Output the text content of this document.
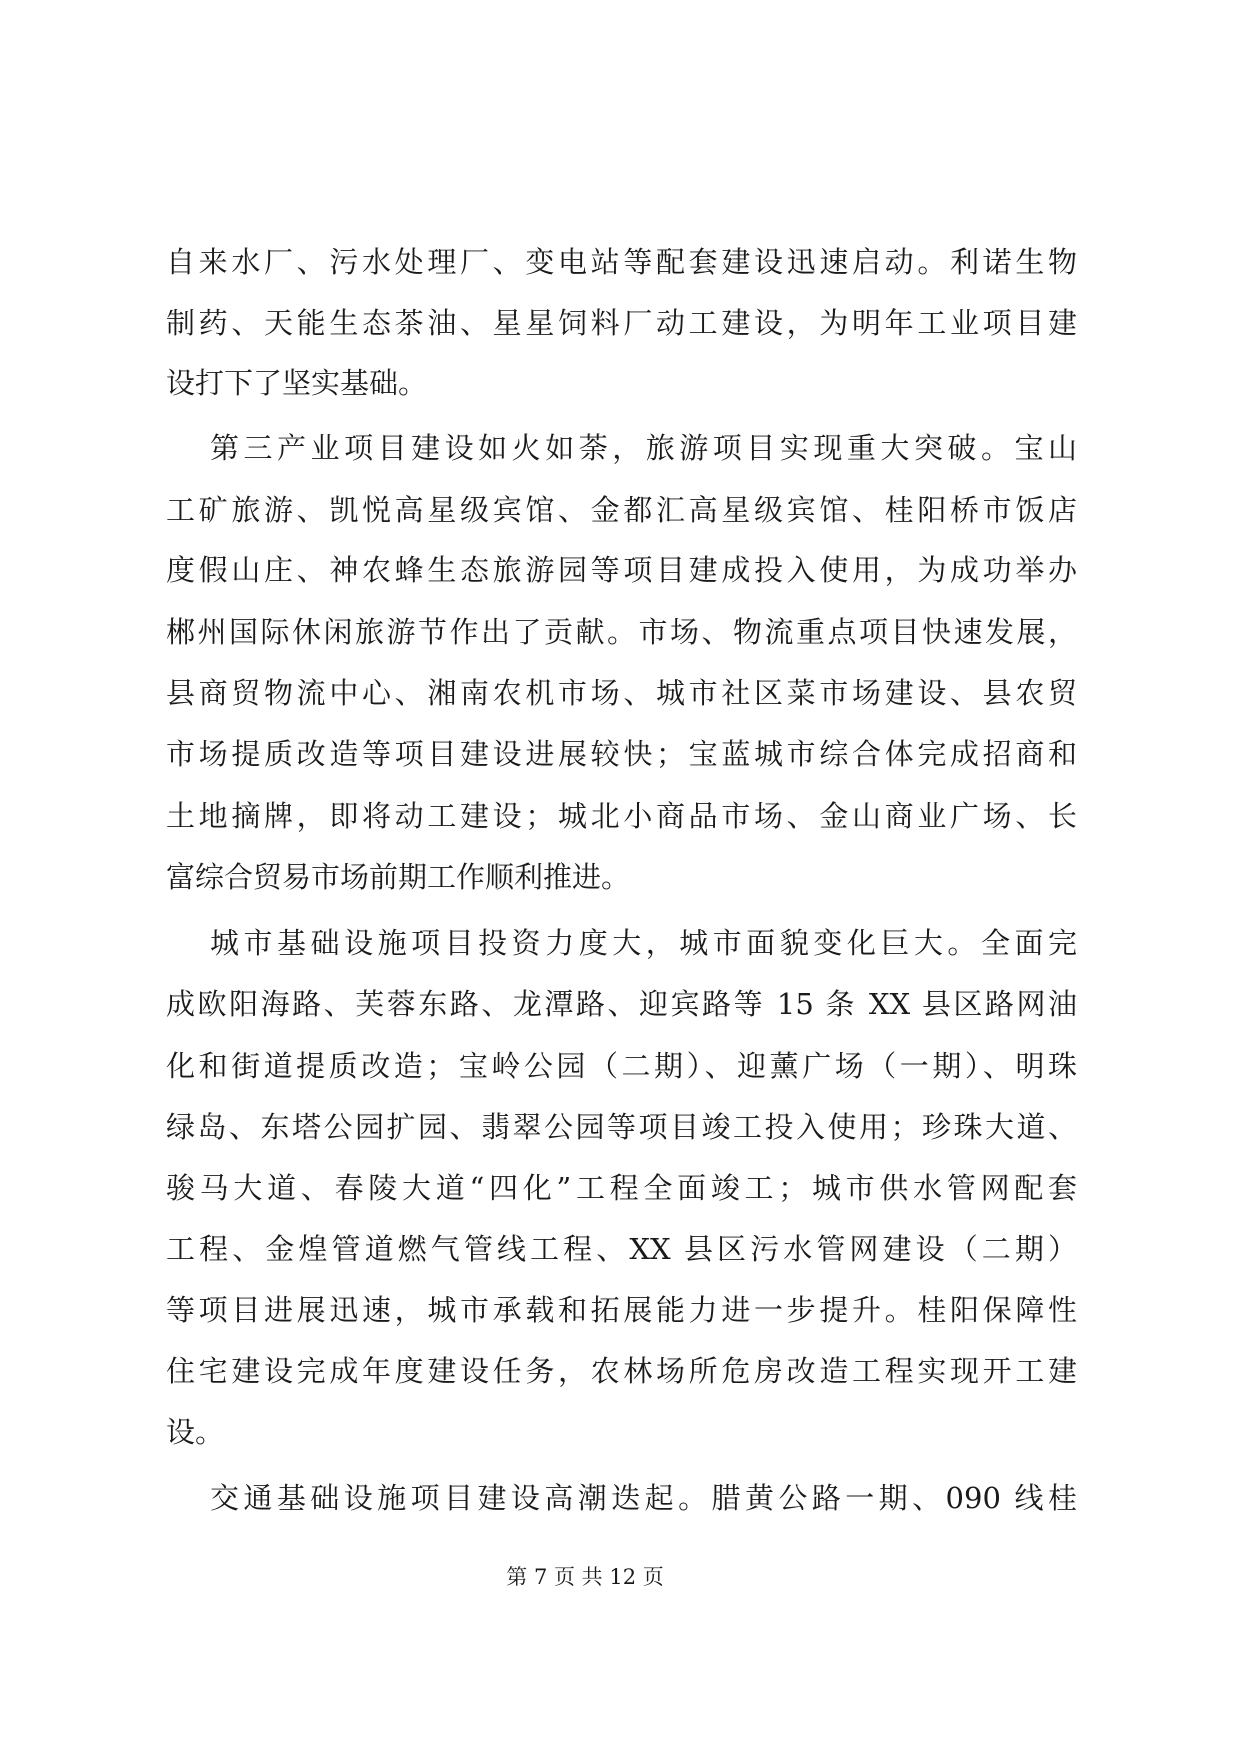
自来水厂、污水处理厂、变电站等配套建设迅速启动。利诺生物
制药、天能生态茶油、星星饲料厂动工建设，为明年工业项目建
设打下了坚实基础。
第三产业项目建设如火如荼，旅游项目实现重大突破。宝山
工矿旅游、凯悦高星级宾馆、金都汇高星级宾馆、桂阳桥市饭店
度假山庄、神农蜂生态旅游园等项目建成投入使用，为成功举办
郴州国际休闲旅游节作出了贡献。市场、物流重点项目快速发展，
县商贸物流中心、湘南农机市场、城市社区菜市场建设、县农贸
市场提质改造等项目建设进展较快；宝蓝城市综合体完成招商和
土地摘牌，即将动工建设；城北小商品市场、金山商业广场、长
富综合贸易市场前期工作顺利推进。
城市基础设施项目投资力度大，城市面貌变化巨大。全面完
成欧阳海路、芙蓉东路、龙潭路、迎宾路等 15 条 XX 县区路网油
化和街道提质改造；宝岭公园（二期）、迎薰广场（一期）、明珠
绿岛、东塔公园扩园、翡翠公园等项目竣工投入使用；珍珠大道、
骏马大道、春陵大道“四化”工程全面竣工；城市供水管网配套
工程、金煌管道燃气管线工程、XX 县区污水管网建设（二期）
等项目进展迅速，城市承载和拓展能力进一步提升。桂阳保障性
住宅建设完成年度建设任务，农林场所危房改造工程实现开工建
设。
交通基础设施项目建设高潮迭起。腊黄公路一期、090 线桂
第 7 页 共 12 页
